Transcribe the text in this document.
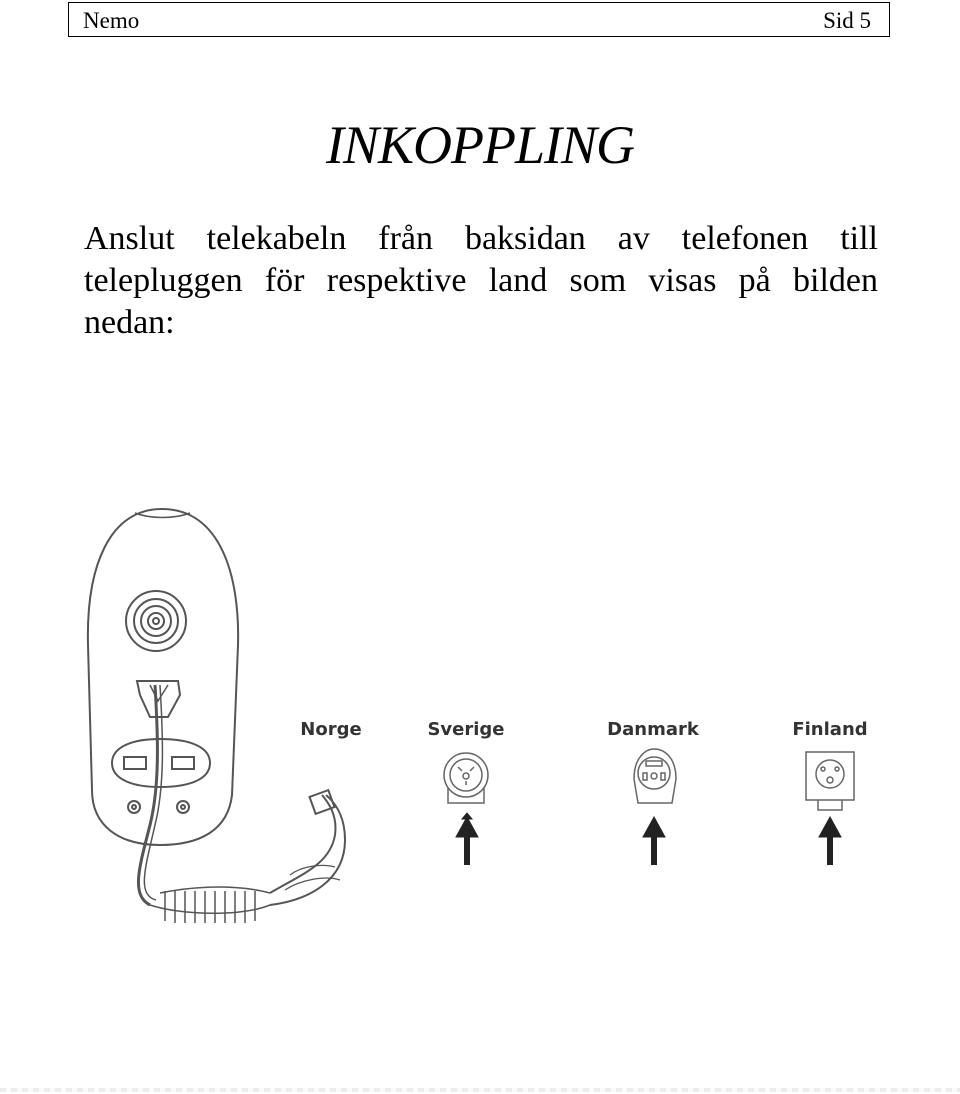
Nemo	Sid 5
INKOPPLING

Anslut telekabeln från baksidan av telefonen till telepluggen för respektive land som visas på bilden nedan:

Norge	Sverige	Danmark	Finland
